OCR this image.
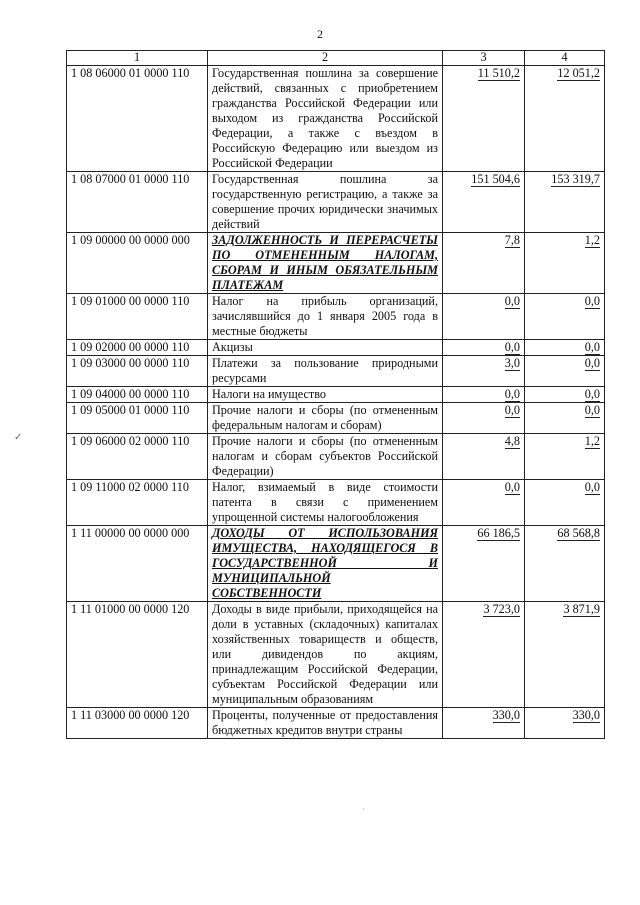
2
✓
·
1	2	3	4
1 08 06000 01 0000 110	Государственная пошлина за совершение действий, связанных с приобретением гражданства Российской Федерации или выходом из гражданства Российской Федерации, а также с въездом в Российскую Федерацию или выездом из Российской Федерации	11 510,2	12 051,2
1 08 07000 01 0000 110	Государственная пошлина за государственную регистрацию, а также за совершение прочих юридически значимых действий	151 504,6	153 319,7
1 09 00000 00 0000 000	ЗАДОЛЖЕННОСТЬ И ПЕРЕРАСЧЕТЫ ПО ОТМЕНЕННЫМ НАЛОГАМ, СБОРАМ И ИНЫМ ОБЯЗАТЕЛЬНЫМ ПЛАТЕЖАМ	7,8	1,2
1 09 01000 00 0000 110	Налог на прибыль организаций, зачислявшийся до 1 января 2005 года в местные бюджеты	0,0	0,0
1 09 02000 00 0000 110	Акцизы	0,0	0,0
1 09 03000 00 0000 110	Платежи за пользование природными ресурсами	3,0	0,0
1 09 04000 00 0000 110	Налоги на имущество	0,0	0,0
1 09 05000 01 0000 110	Прочие налоги и сборы (по отмененным федеральным налогам и сборам)	0,0	0,0
1 09 06000 02 0000 110	Прочие налоги и сборы (по отмененным налогам и сборам субъектов Российской Федерации)	4,8	1,2
1 09 11000 02 0000 110	Налог, взимаемый в виде стоимости патента в связи с применением упрощенной системы налогообложения	0,0	0,0
1 11 00000 00 0000 000	ДОХОДЫ ОТ ИСПОЛЬЗОВАНИЯ ИМУЩЕСТВА, НАХОДЯЩЕГОСЯ В ГОСУДАРСТВЕННОЙ И МУНИЦИПАЛЬНОЙ СОБСТВЕННОСТИ	66 186,5	68 568,8
1 11 01000 00 0000 120	Доходы в виде прибыли, приходящейся на доли в уставных (складочных) капиталах хозяйственных товариществ и обществ, или дивидендов по акциям, принадлежащим Российской Федерации, субъектам Российской Федерации или муниципальным образованиям	3 723,0	3 871,9
1 11 03000 00 0000 120	Проценты, полученные от предоставления бюджетных кредитов внутри страны	330,0	330,0
